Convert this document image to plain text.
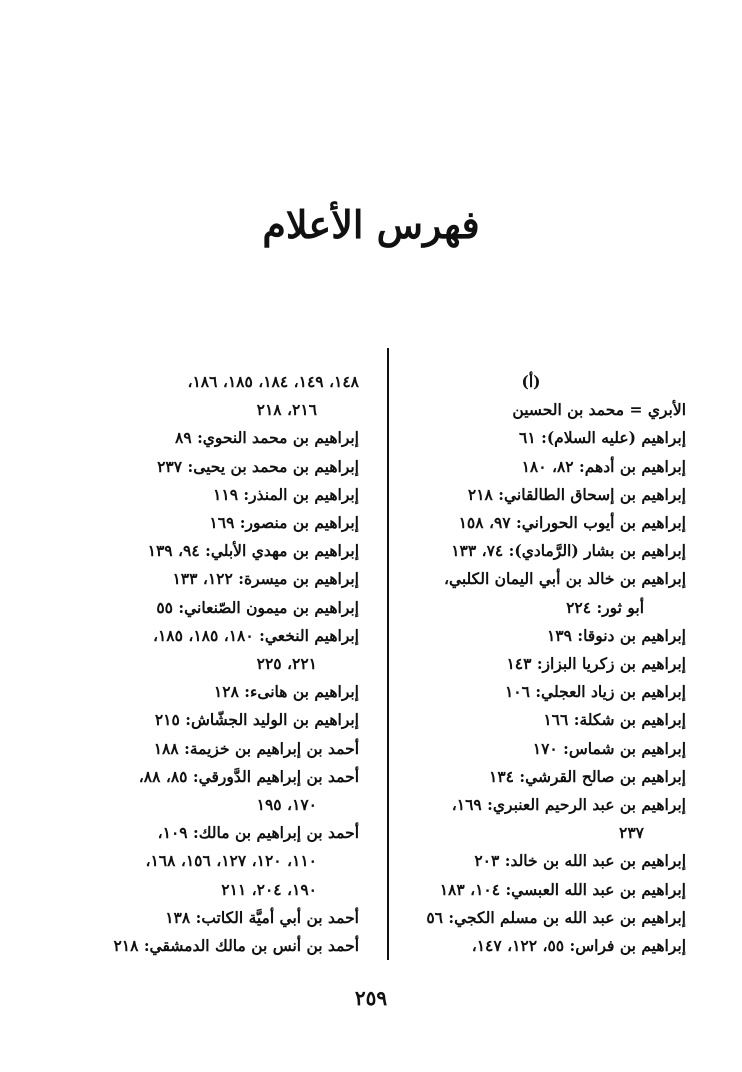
فهرس الأعلام
(أ)
الأبري = محمد بن الحسين
إبراهيم (عليه السلام): ٦١
إبراهيم بن أدهم: ٨٢، ١٨٠
إبراهيم بن إسحاق الطالقاني: ٢١٨
إبراهيم بن أيوب الحوراني: ٩٧، ١٥٨
إبراهيم بن بشار (الرَّمادي): ٧٤، ١٣٣
إبراهيم بن خالد بن أبي اليمان الكلبي،
أبو ثور: ٢٢٤
إبراهيم بن دنوقا: ١٣٩
إبراهيم بن زكريا البزاز: ١٤٣
إبراهيم بن زياد العجلي: ١٠٦
إبراهيم بن شكلة: ١٦٦
إبراهيم بن شماس: ١٧٠
إبراهيم بن صالح القرشي: ١٣٤
إبراهيم بن عبد الرحيم العنبري: ١٦٩،
٢٣٧
إبراهيم بن عبد الله بن خالد: ٢٠٣
إبراهيم بن عبد الله العبسي: ١٠٤، ١٨٣
إبراهيم بن عبد الله بن مسلم الكجي: ٥٦
إبراهيم بن فراس: ٥٥، ١٢٢، ١٤٧،
١٤٨، ١٤٩، ١٨٤، ١٨٥، ١٨٦،
٢١٦، ٢١٨
إبراهيم بن محمد النحوي: ٨٩
إبراهيم بن محمد بن يحيى: ٢٣٧
إبراهيم بن المنذر: ١١٩
إبراهيم بن منصور: ١٦٩
إبراهيم بن مهدي الأبلي: ٩٤، ١٣٩
إبراهيم بن ميسرة: ١٢٢، ١٣٣
إبراهيم بن ميمون الصّنعاني: ٥٥
إبراهيم النخعي: ١٨٠، ١٨٥، ١٨٥،
٢٢١، ٢٢٥
إبراهيم بن هانىء: ١٢٨
إبراهيم بن الوليد الجشّاش: ٢١٥
أحمد بن إبراهيم بن خزيمة: ١٨٨
أحمد بن إبراهيم الدَّورقي: ٨٥، ٨٨،
١٧٠، ١٩٥
أحمد بن إبراهيم بن مالك: ١٠٩،
١١٠، ١٢٠، ١٢٧، ١٥٦، ١٦٨،
١٩٠، ٢٠٤، ٢١١
أحمد بن أبي أميَّة الكاتب: ١٣٨
أحمد بن أنس بن مالك الدمشقي: ٢١٨
٢٥٩
